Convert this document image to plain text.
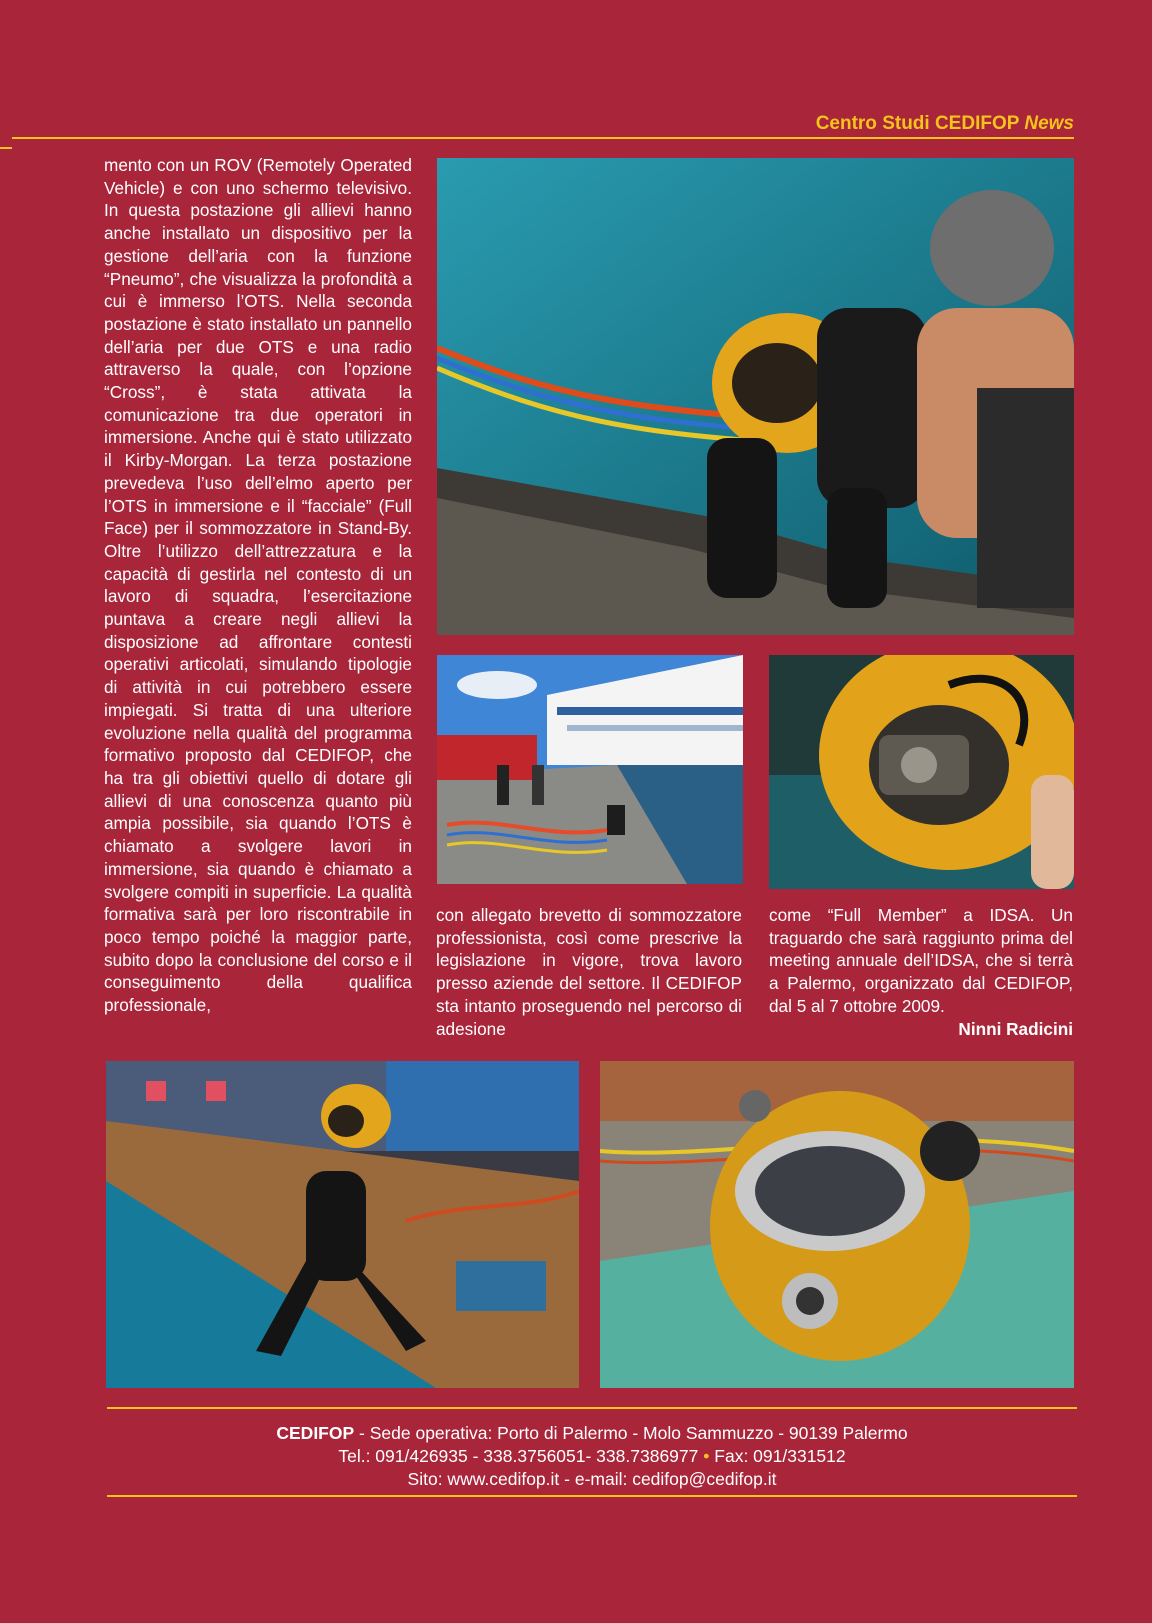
Centro Studi CEDIFOP News
mento con un ROV (Remotely Operated Vehicle) e con uno schermo televisivo. In questa postazione gli allievi hanno anche installato un dispositivo per la gestione dell’aria con la funzione “Pneumo”, che visualizza la profondità a cui è immerso l’OTS. Nella seconda postazione è stato installato un pannello dell’aria per due OTS e una radio attraverso la quale, con l’opzione “Cross”, è stata attivata la comunicazione tra due operatori in immersione. Anche qui è stato utilizzato il Kirby-Morgan. La terza postazione prevedeva l’uso dell’elmo aperto per l’OTS in immersione e il “facciale” (Full Face) per il sommozzatore in Stand-By. Oltre l’utilizzo dell’attrezzatura e la capacità di gestirla nel contesto di un lavoro di squadra, l’esercitazione puntava a creare negli allievi la disposizione ad affrontare contesti operativi articolati, simulando tipologie di attività in cui potrebbero essere impiegati. Si tratta di una ulteriore evoluzione nella qualità del programma formativo proposto dal CEDIFOP, che ha tra gli obiettivi quello di dotare gli allievi di una conoscenza quanto più ampia possibile, sia quando l’OTS è chiamato a svolgere lavori in immersione, sia quando è chiamato a svolgere compiti in superficie. La qualità formativa sarà per loro riscontrabile in poco tempo poiché la maggior parte, subito dopo la conclusione del corso e il conseguimento della qualifica professionale,
con allegato brevetto di sommozzatore professionista, così come prescrive la legislazione in vigore, trova lavoro presso aziende del settore. Il CEDIFOP sta intanto proseguendo nel percorso di adesione
come “Full Member” a IDSA. Un traguardo che sarà raggiunto prima del meeting annuale dell’IDSA, che si terrà a Palermo, organizzato dal CEDIFOP, dal 5 al 7 ottobre 2009.
Ninni Radicini
CEDIFOP - Sede operativa: Porto di Palermo - Molo Sammuzzo - 90139 Palermo
Tel.: 091/426935 - 338.3756051- 338.7386977 • Fax: 091/331512
Sito: www.cedifop.it - e-mail: cedifop@cedifop.it
